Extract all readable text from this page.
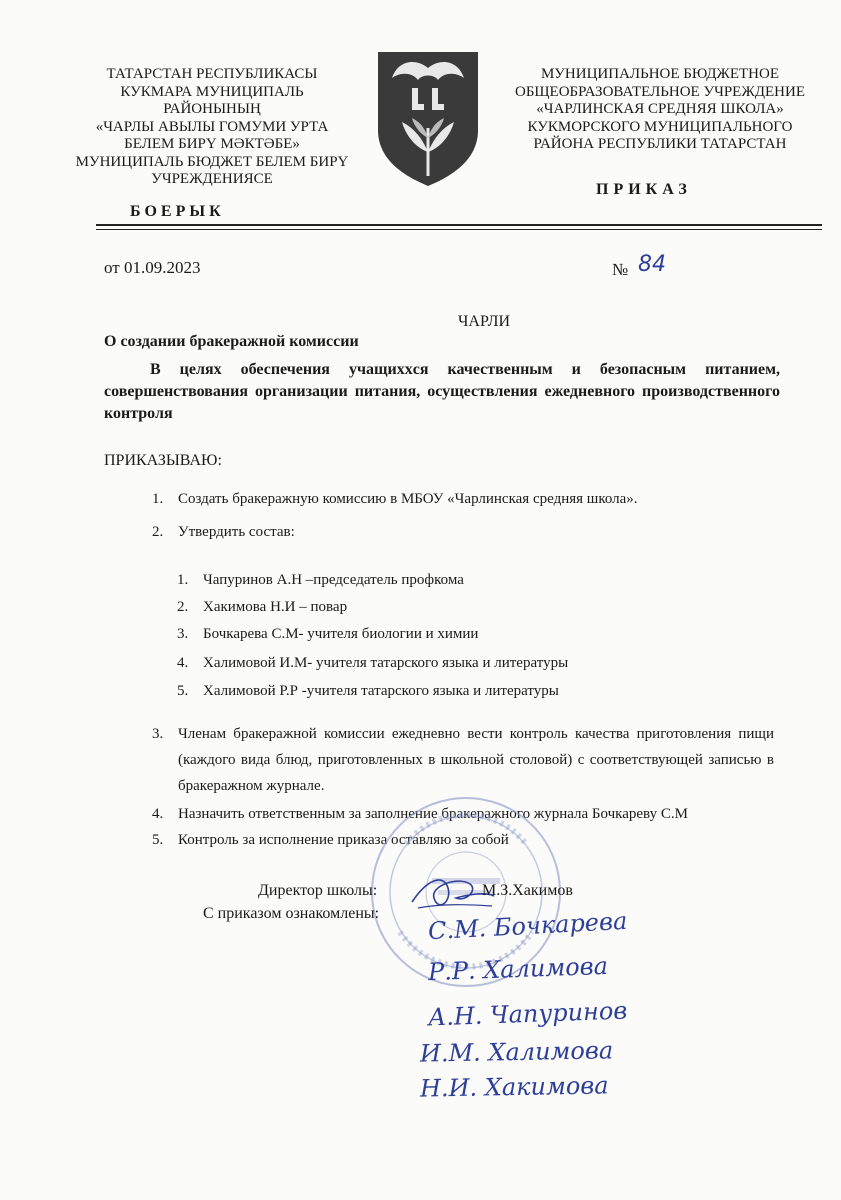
ТАТАРСТАН РЕСПУБЛИКАСЫ
КУКМАРА МУНИЦИПАЛЬ
РАЙОНЫНЫҢ
«ЧАРЛЫ АВЫЛЫ ГОМУМИ УРТА
БЕЛЕМ БИРҮ МӘКТӘБЕ»
МУНИЦИПАЛЬ БЮДЖЕТ БЕЛЕМ БИРҮ
УЧРЕЖДЕНИЯСЕ
МУНИЦИПАЛЬНОЕ БЮДЖЕТНОЕ
ОБЩЕОБРАЗОВАТЕЛЬНОЕ УЧРЕЖДЕНИЕ
«ЧАРЛИНСКАЯ СРЕДНЯЯ ШКОЛА»
КУКМОРСКОГО МУНИЦИПАЛЬНОГО
РАЙОНА РЕСПУБЛИКИ ТАТАРСТАН
ПРИКАЗ
БОЕРЫК
от 01.09.2023	№ 84
ЧАРЛИ
О создании бракеражной комиссии
В целях обеспечения учащихxся качественным и безопасным питанием, совершенствования организации питания, осуществления ежедневного производственного контроля
ПРИКАЗЫВАЮ:
1. Создать бракеражную комиссию в МБОУ «Чарлинская средняя школа».
2. Утвердить состав:
1. Чапуринов А.Н –председатель профкома
2. Хакимова Н.И – повар
3. Бочкарева С.М- учителя биологии и химии
4. Халимовой И.М- учителя татарского языка и литературы
5. Халимовой Р.Р -учителя татарского языка и литературы
3. Членам бракеражной комиссии ежедневно вести контроль качества приготовления пищи (каждого вида блюд, приготовленных в школьной столовой) с соответствующей записью в бракеражном журнале.
4. Назначить ответственным за заполнение бракеражного журнала Бочкареву С.М
5. Контроль за исполнение приказа оставляю за собой
Директор школы:	М.З.Хакимов
С приказом ознакомлены: С.М. Бочкарева
Р.Р. Халимова
А.Н. Чапуринов
И.М. Халимова
Н.И. Хакимова
